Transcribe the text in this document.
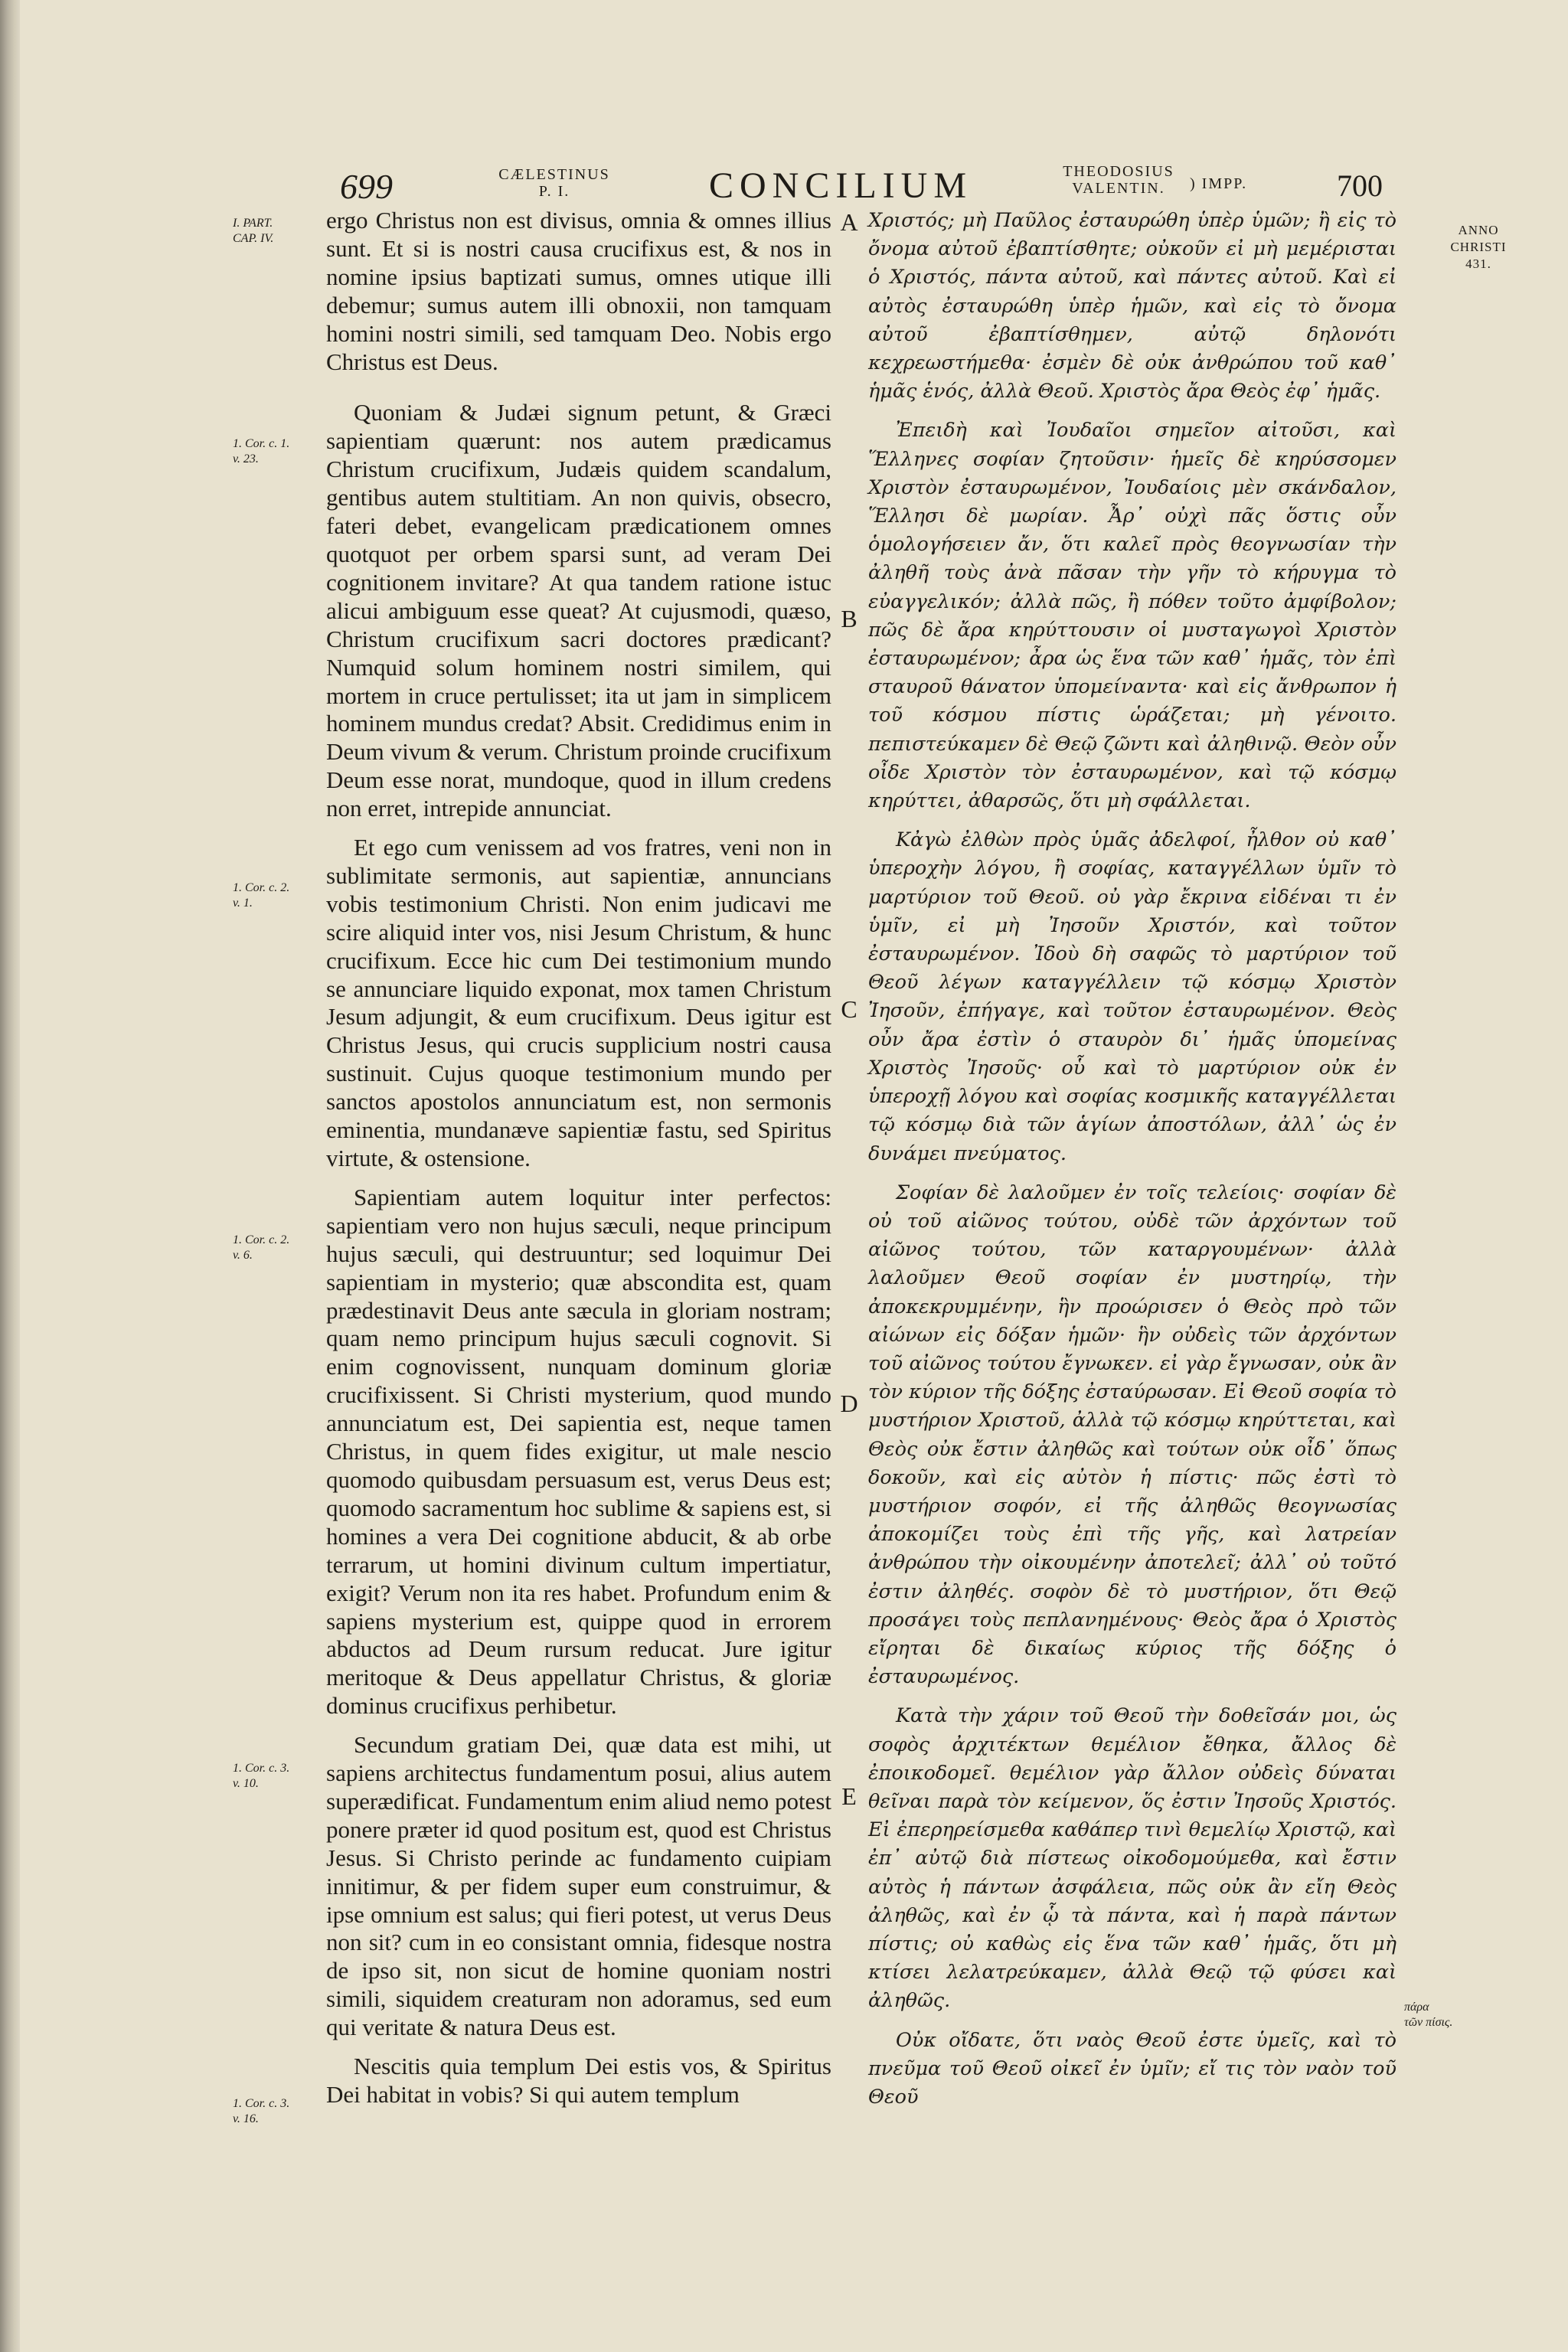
699	CÆLESTINUS
P. I.	CONCILIUM	THEODOSIUS
VALENTIN.	) IMPP.	700
ANNO
CHRISTI
431.
I. PART.
CAP. IV.
1. Cor. c. 1.
v. 23.
1. Cor. c. 2.
v. 1.
1. Cor. c. 2.
v. 6.
1. Cor. c. 3.
v. 10.
1. Cor. c. 3.
v. 16.
A
B
C
D
E

ergo Christus non est divisus, omnia & omnes illius sunt. Et si is nostri causa crucifixus est, & nos in nomine ipsius baptizati sumus, omnes utique illi debemur; sumus autem illi obnoxii, non tamquam homini nostri simili, sed tamquam Deo. Nobis ergo Christus est Deus.

Quoniam & Judæi signum petunt, & Græci sapientiam quærunt: nos autem prædicamus Christum crucifixum, Judæis quidem scandalum, gentibus autem stultitiam. An non quivis, obsecro, fateri debet, evangelicam prædicationem omnes quotquot per orbem sparsi sunt, ad veram Dei cognitionem invitare? At qua tandem ratione istuc alicui ambiguum esse queat? At cujusmodi, quæso, Christum crucifixum sacri doctores prædicant? Numquid solum hominem nostri similem, qui mortem in cruce pertulisset; ita ut jam in simplicem hominem mundus credat? Absit. Credidimus enim in Deum vivum & verum. Christum proinde crucifixum Deum esse norat, mundoque, quod in illum credens non erret, intrepide annunciat.

Et ego cum venissem ad vos fratres, veni non in sublimitate sermonis, aut sapientiæ, annuncians vobis testimonium Christi. Non enim judicavi me scire aliquid inter vos, nisi Jesum Christum, & hunc crucifixum. Ecce hic cum Dei testimonium mundo se annunciare liquido exponat, mox tamen Christum Jesum adjungit, & eum crucifixum. Deus igitur est Christus Jesus, qui crucis supplicium nostri causa sustinuit. Cujus quoque testimonium mundo per sanctos apostolos annunciatum est, non sermonis eminentia, mundanæve sapientiæ fastu, sed Spiritus virtute, & ostensione.

Sapientiam autem loquitur inter perfectos: sapientiam vero non hujus sæculi, neque principum hujus sæculi, qui destruuntur; sed loquimur Dei sapientiam in mysterio; quæ abscondita est, quam prædestinavit Deus ante sæcula in gloriam nostram; quam nemo principum hujus sæculi cognovit. Si enim cognovissent, nunquam dominum gloriæ crucifixissent. Si Christi mysterium, quod mundo annunciatum est, Dei sapientia est, neque tamen Christus, in quem fides exigitur, ut male nescio quomodo quibusdam persuasum est, verus Deus est; quomodo sacramentum hoc sublime & sapiens est, si homines a vera Dei cognitione abducit, & ab orbe terrarum, ut homini divinum cultum impertiatur, exigit? Verum non ita res habet. Profundum enim & sapiens mysterium est, quippe quod in errorem abductos ad Deum rursum reducat. Jure igitur meritoque & Deus appellatur Christus, & gloriæ dominus crucifixus perhibetur.

Secundum gratiam Dei, quæ data est mihi, ut sapiens architectus fundamentum posui, alius autem superædificat. Fundamentum enim aliud nemo potest ponere præter id quod positum est, quod est Christus Jesus. Si Christo perinde ac fundamento cuipiam innitimur, & per fidem super eum construimur, & ipse omnium est salus; qui fieri potest, ut verus Deus non sit? cum in eo consistant omnia, fidesque nostra de ipso sit, non sicut de homine quoniam nostri simili, siquidem creaturam non adoramus, sed eum qui veritate & natura Deus est.

Nescitis quia templum Dei estis vos, & Spiritus Dei habitat in vobis? Si qui autem templum

Χριστός; μὴ Παῦλος ἐσταυρώθη ὑπὲρ ὑμῶν; ἢ εἰς τὸ ὄνομα αὐτοῦ ἐβαπτίσθητε; οὐκοῦν εἰ μὴ μεμέρισται ὁ Χριστός, πάντα αὐτοῦ, καὶ πάντες αὐτοῦ. Καὶ εἰ αὐτὸς ἐσταυρώθη ὑπὲρ ἡμῶν, καὶ εἰς τὸ ὄνομα αὐτοῦ ἐβαπτίσθημεν, αὐτῷ δηλονότι κεχρεωστήμεθα· ἐσμὲν δὲ οὐκ ἀνθρώπου τοῦ καθ᾽ ἡμᾶς ἑνός, ἀλλὰ Θεοῦ. Χριστὸς ἄρα Θεὸς ἐφ᾽ ἡμᾶς.

Ἐπειδὴ καὶ Ἰουδαῖοι σημεῖον αἰτοῦσι, καὶ Ἕλληνες σοφίαν ζητοῦσιν· ἡμεῖς δὲ κηρύσσομεν Χριστὸν ἐσταυρωμένον, Ἰουδαίοις μὲν σκάνδαλον, Ἕλλησι δὲ μωρίαν. Ἆρ᾽ οὐχὶ πᾶς ὅστις οὖν ὁμολογήσειεν ἄν, ὅτι καλεῖ πρὸς θεογνωσίαν τὴν ἀληθῆ τοὺς ἀνὰ πᾶσαν τὴν γῆν τὸ κήρυγμα τὸ εὐαγγελικόν; ἀλλὰ πῶς, ἢ πόθεν τοῦτο ἀμφίβολον; πῶς δὲ ἄρα κηρύττουσιν οἱ μυσταγωγοὶ Χριστὸν ἐσταυρωμένον; ἆρα ὡς ἕνα τῶν καθ᾽ ἡμᾶς, τὸν ἐπὶ σταυροῦ θάνατον ὑπομείναντα· καὶ εἰς ἄνθρωπον ἡ τοῦ κόσμου πίστις ὡράζεται; μὴ γένοιτο. πεπιστεύκαμεν δὲ Θεῷ ζῶντι καὶ ἀληθινῷ. Θεὸν οὖν οἶδε Χριστὸν τὸν ἐσταυρωμένον, καὶ τῷ κόσμῳ κηρύττει, ἀθαρσῶς, ὅτι μὴ σφάλλεται.

Κἀγὼ ἐλθὼν πρὸς ὑμᾶς ἀδελφοί, ἦλθον οὐ καθ᾽ ὑπεροχὴν λόγου, ἢ σοφίας, καταγγέλλων ὑμῖν τὸ μαρτύριον τοῦ Θεοῦ. οὐ γὰρ ἔκρινα εἰδέναι τι ἐν ὑμῖν, εἰ μὴ Ἰησοῦν Χριστόν, καὶ τοῦτον ἐσταυρωμένον. Ἰδοὺ δὴ σαφῶς τὸ μαρτύριον τοῦ Θεοῦ λέγων καταγγέλλειν τῷ κόσμῳ Χριστὸν Ἰησοῦν, ἐπήγαγε, καὶ τοῦτον ἐσταυρωμένον. Θεὸς οὖν ἄρα ἐστὶν ὁ σταυρὸν δι᾽ ἡμᾶς ὑπομείνας Χριστὸς Ἰησοῦς· οὗ καὶ τὸ μαρτύριον οὐκ ἐν ὑπεροχῇ λόγου καὶ σοφίας κοσμικῆς καταγγέλλεται τῷ κόσμῳ διὰ τῶν ἁγίων ἀποστόλων, ἀλλ᾽ ὡς ἐν δυνάμει πνεύματος.

Σοφίαν δὲ λαλοῦμεν ἐν τοῖς τελείοις· σοφίαν δὲ οὐ τοῦ αἰῶνος τούτου, οὐδὲ τῶν ἀρχόντων τοῦ αἰῶνος τούτου, τῶν καταργουμένων· ἀλλὰ λαλοῦμεν Θεοῦ σοφίαν ἐν μυστηρίῳ, τὴν ἀποκεκρυμμένην, ἣν προώρισεν ὁ Θεὸς πρὸ τῶν αἰώνων εἰς δόξαν ἡμῶν· ἣν οὐδεὶς τῶν ἀρχόντων τοῦ αἰῶνος τούτου ἔγνωκεν. εἰ γὰρ ἔγνωσαν, οὐκ ἂν τὸν κύριον τῆς δόξης ἐσταύρωσαν. Εἰ Θεοῦ σοφία τὸ μυστήριον Χριστοῦ, ἀλλὰ τῷ κόσμῳ κηρύττεται, καὶ Θεὸς οὐκ ἔστιν ἀληθῶς καὶ τούτων οὐκ οἶδ᾽ ὅπως δοκοῦν, καὶ εἰς αὐτὸν ἡ πίστις· πῶς ἐστὶ τὸ μυστήριον σοφόν, εἰ τῆς ἀληθῶς θεογνωσίας ἀποκομίζει τοὺς ἐπὶ τῆς γῆς, καὶ λατρείαν ἀνθρώπου τὴν οἰκουμένην ἀποτελεῖ; ἀλλ᾽ οὐ τοῦτό ἐστιν ἀληθές. σοφὸν δὲ τὸ μυστήριον, ὅτι Θεῷ προσάγει τοὺς πεπλανημένους· Θεὸς ἄρα ὁ Χριστὸς εἴρηται δὲ δικαίως κύριος τῆς δόξης ὁ ἐσταυρωμένος.

Κατὰ τὴν χάριν τοῦ Θεοῦ τὴν δοθεῖσάν μοι, ὡς σοφὸς ἀρχιτέκτων θεμέλιον ἔθηκα, ἄλλος δὲ ἐποικοδομεῖ. θεμέλιον γὰρ ἄλλον οὐδεὶς δύναται θεῖναι παρὰ τὸν κείμενον, ὅς ἐστιν Ἰησοῦς Χριστός. Εἰ ἐπερηρείσμεθα καθάπερ τινὶ θεμελίῳ Χριστῷ, καὶ ἐπ᾽ αὐτῷ διὰ πίστεως οἰκοδομούμεθα, καὶ ἔστιν αὐτὸς ἡ πάντων ἀσφάλεια, πῶς οὐκ ἂν εἴη Θεὸς ἀληθῶς, καὶ ἐν ᾧ τὰ πάντα, καὶ ἡ παρὰ πάντων πίστις; οὐ καθὼς εἰς ἕνα τῶν καθ᾽ ἡμᾶς, ὅτι μὴ κτίσει λελατρεύκαμεν, ἀλλὰ Θεῷ τῷ φύσει καὶ ἀληθῶς.

Οὐκ οἴδατε, ὅτι ναὸς Θεοῦ ἐστε ὑμεῖς, καὶ τὸ πνεῦμα τοῦ Θεοῦ οἰκεῖ ἐν ὑμῖν; εἴ τις τὸν ναὸν τοῦ Θεοῦ

πάρα
τῶν πίσις.
